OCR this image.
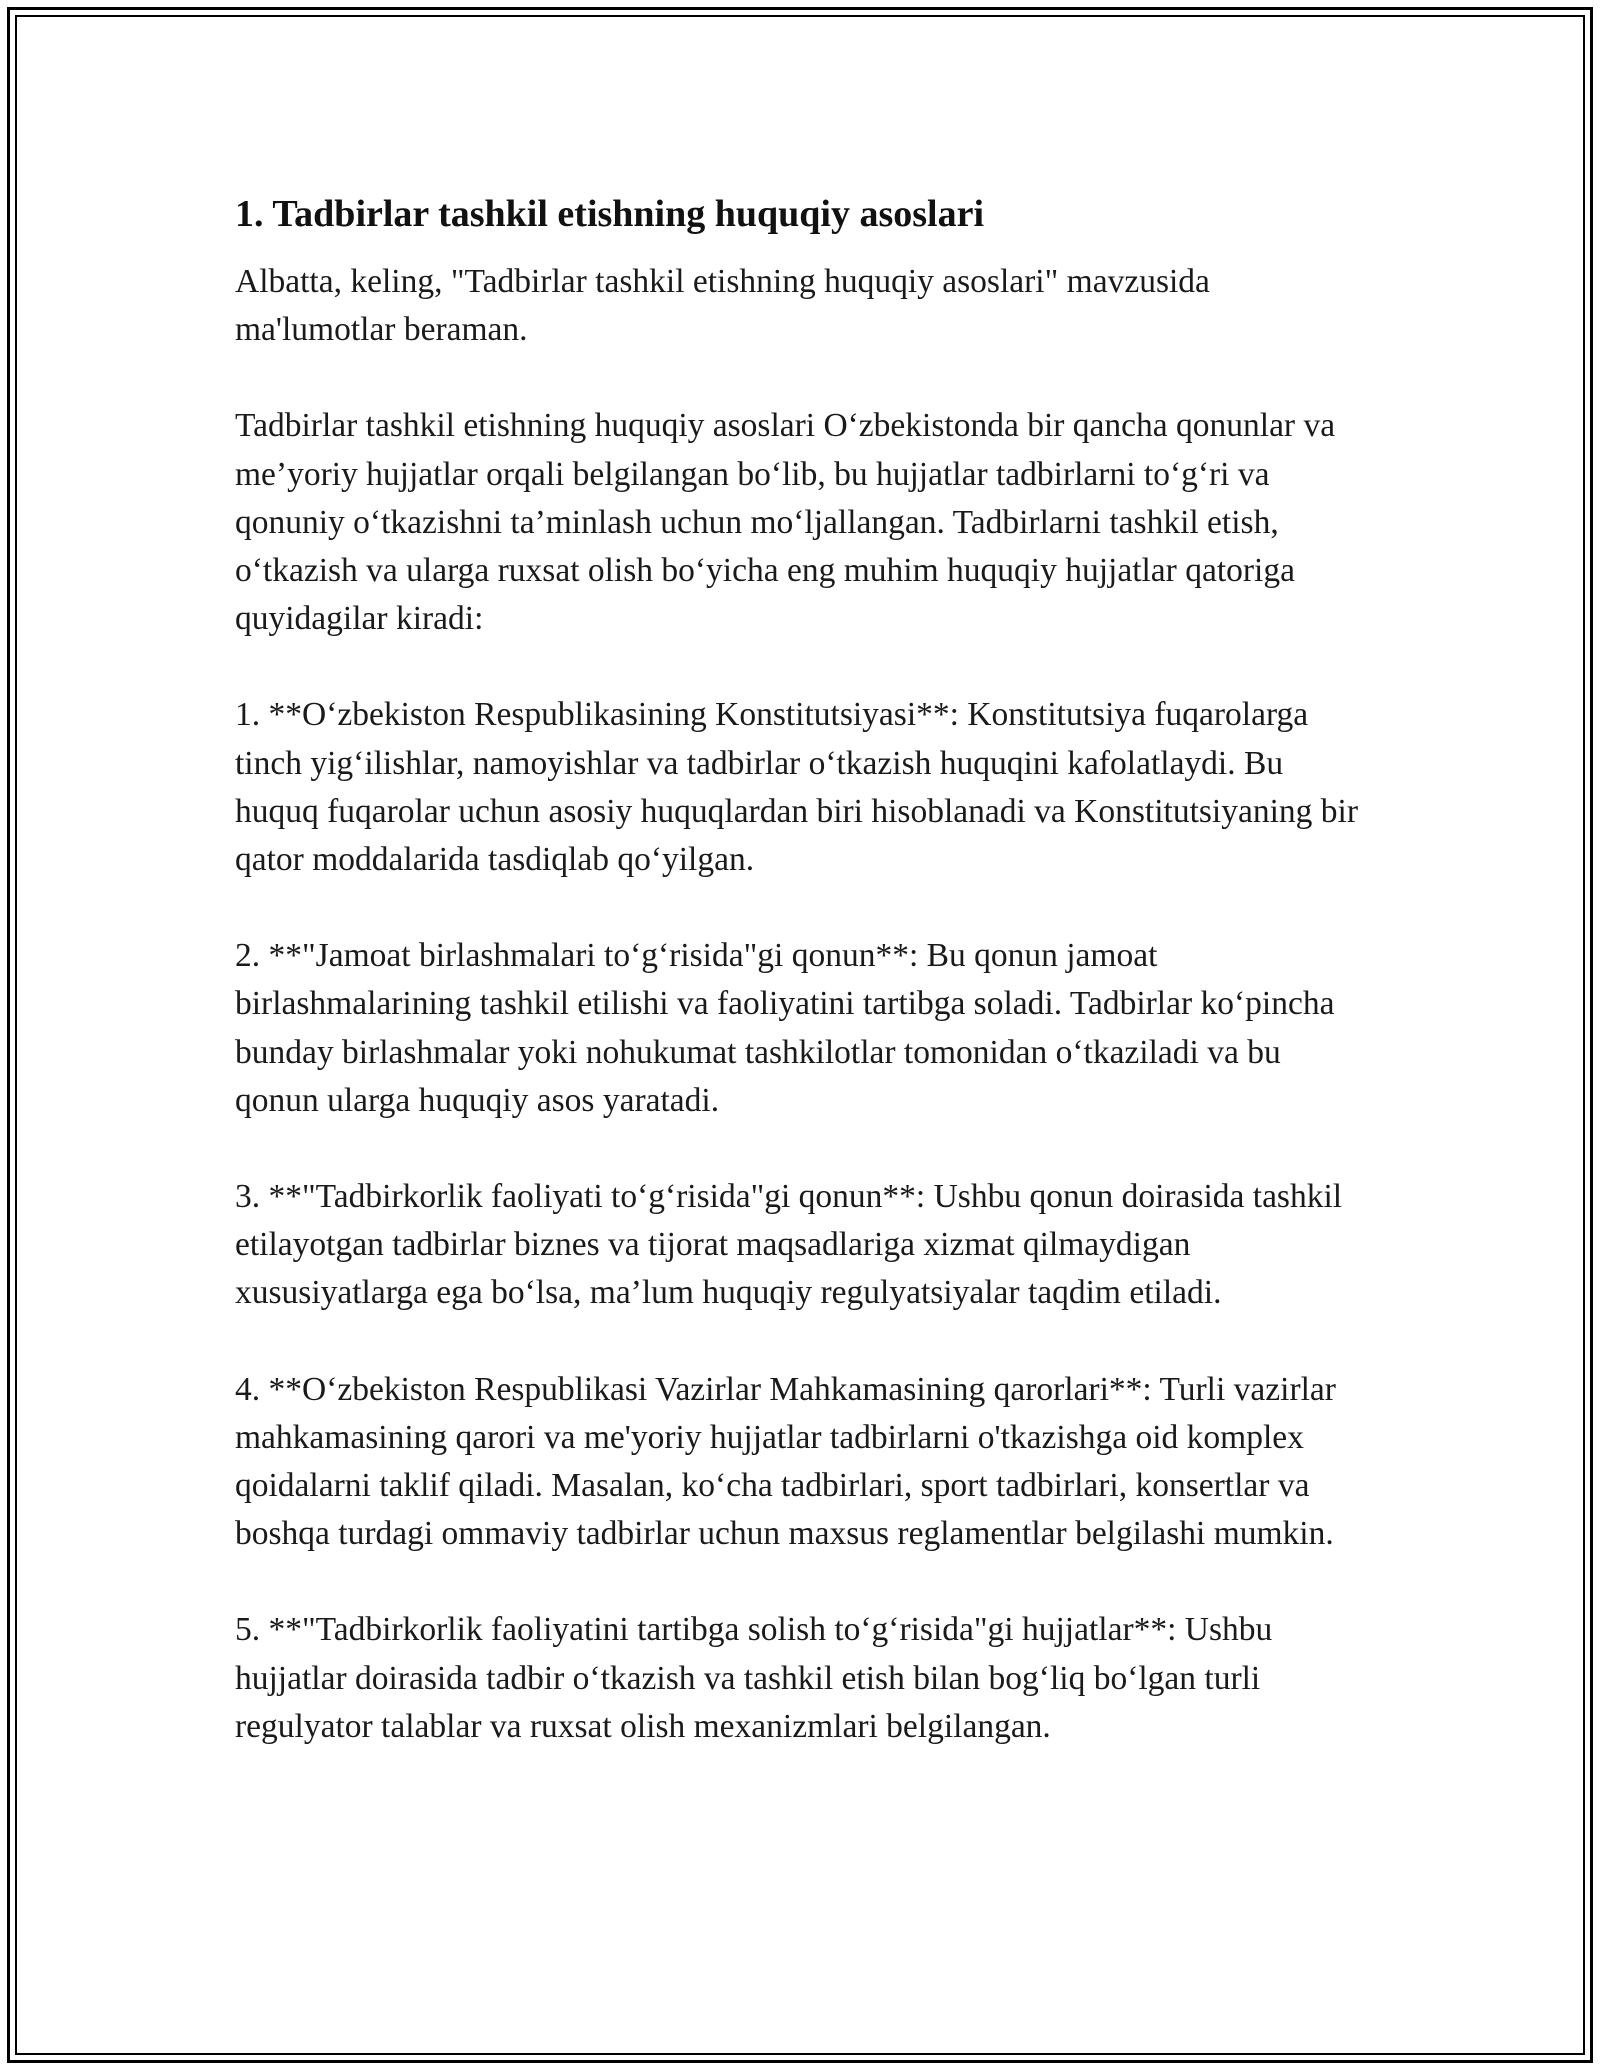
1. Tadbirlar tashkil etishning huquqiy asoslari

Albatta, keling, "Tadbirlar tashkil etishning huquqiy asoslari" mavzusida ma'lumotlar beraman.

Tadbirlar tashkil etishning huquqiy asoslari O‘zbekistonda bir qancha qonunlar va me’yoriy hujjatlar orqali belgilangan bo‘lib, bu hujjatlar tadbirlarni to‘g‘ri va qonuniy o‘tkazishni ta’minlash uchun mo‘ljallangan. Tadbirlarni tashkil etish, o‘tkazish va ularga ruxsat olish bo‘yicha eng muhim huquqiy hujjatlar qatoriga quyidagilar kiradi:

1. **O‘zbekiston Respublikasining Konstitutsiyasi**: Konstitutsiya fuqarolarga tinch yig‘ilishlar, namoyishlar va tadbirlar o‘tkazish huquqini kafolatlaydi. Bu huquq fuqarolar uchun asosiy huquqlardan biri hisoblanadi va Konstitutsiyaning bir qator moddalarida tasdiqlab qo‘yilgan.

2. **"Jamoat birlashmalari to‘g‘risida"gi qonun**: Bu qonun jamoat birlashmalarining tashkil etilishi va faoliyatini tartibga soladi. Tadbirlar ko‘pincha bunday birlashmalar yoki nohukumat tashkilotlar tomonidan o‘tkaziladi va bu qonun ularga huquqiy asos yaratadi.

3. **"Tadbirkorlik faoliyati to‘g‘risida"gi qonun**: Ushbu qonun doirasida tashkil etilayotgan tadbirlar biznes va tijorat maqsadlariga xizmat qilmaydigan xususiyatlarga ega bo‘lsa, ma’lum huquqiy regulyatsiyalar taqdim etiladi.

4. **O‘zbekiston Respublikasi Vazirlar Mahkamasining qarorlari**: Turli vazirlar mahkamasining qarori va me'yoriy hujjatlar tadbirlarni o'tkazishga oid komplex qoidalarni taklif qiladi. Masalan, ko‘cha tadbirlari, sport tadbirlari, konsertlar va boshqa turdagi ommaviy tadbirlar uchun maxsus reglamentlar belgilashi mumkin.

5. **"Tadbirkorlik faoliyatini tartibga solish to‘g‘risida"gi hujjatlar**: Ushbu hujjatlar doirasida tadbir o‘tkazish va tashkil etish bilan bog‘liq bo‘lgan turli regulyator talablar va ruxsat olish mexanizmlari belgilangan.
